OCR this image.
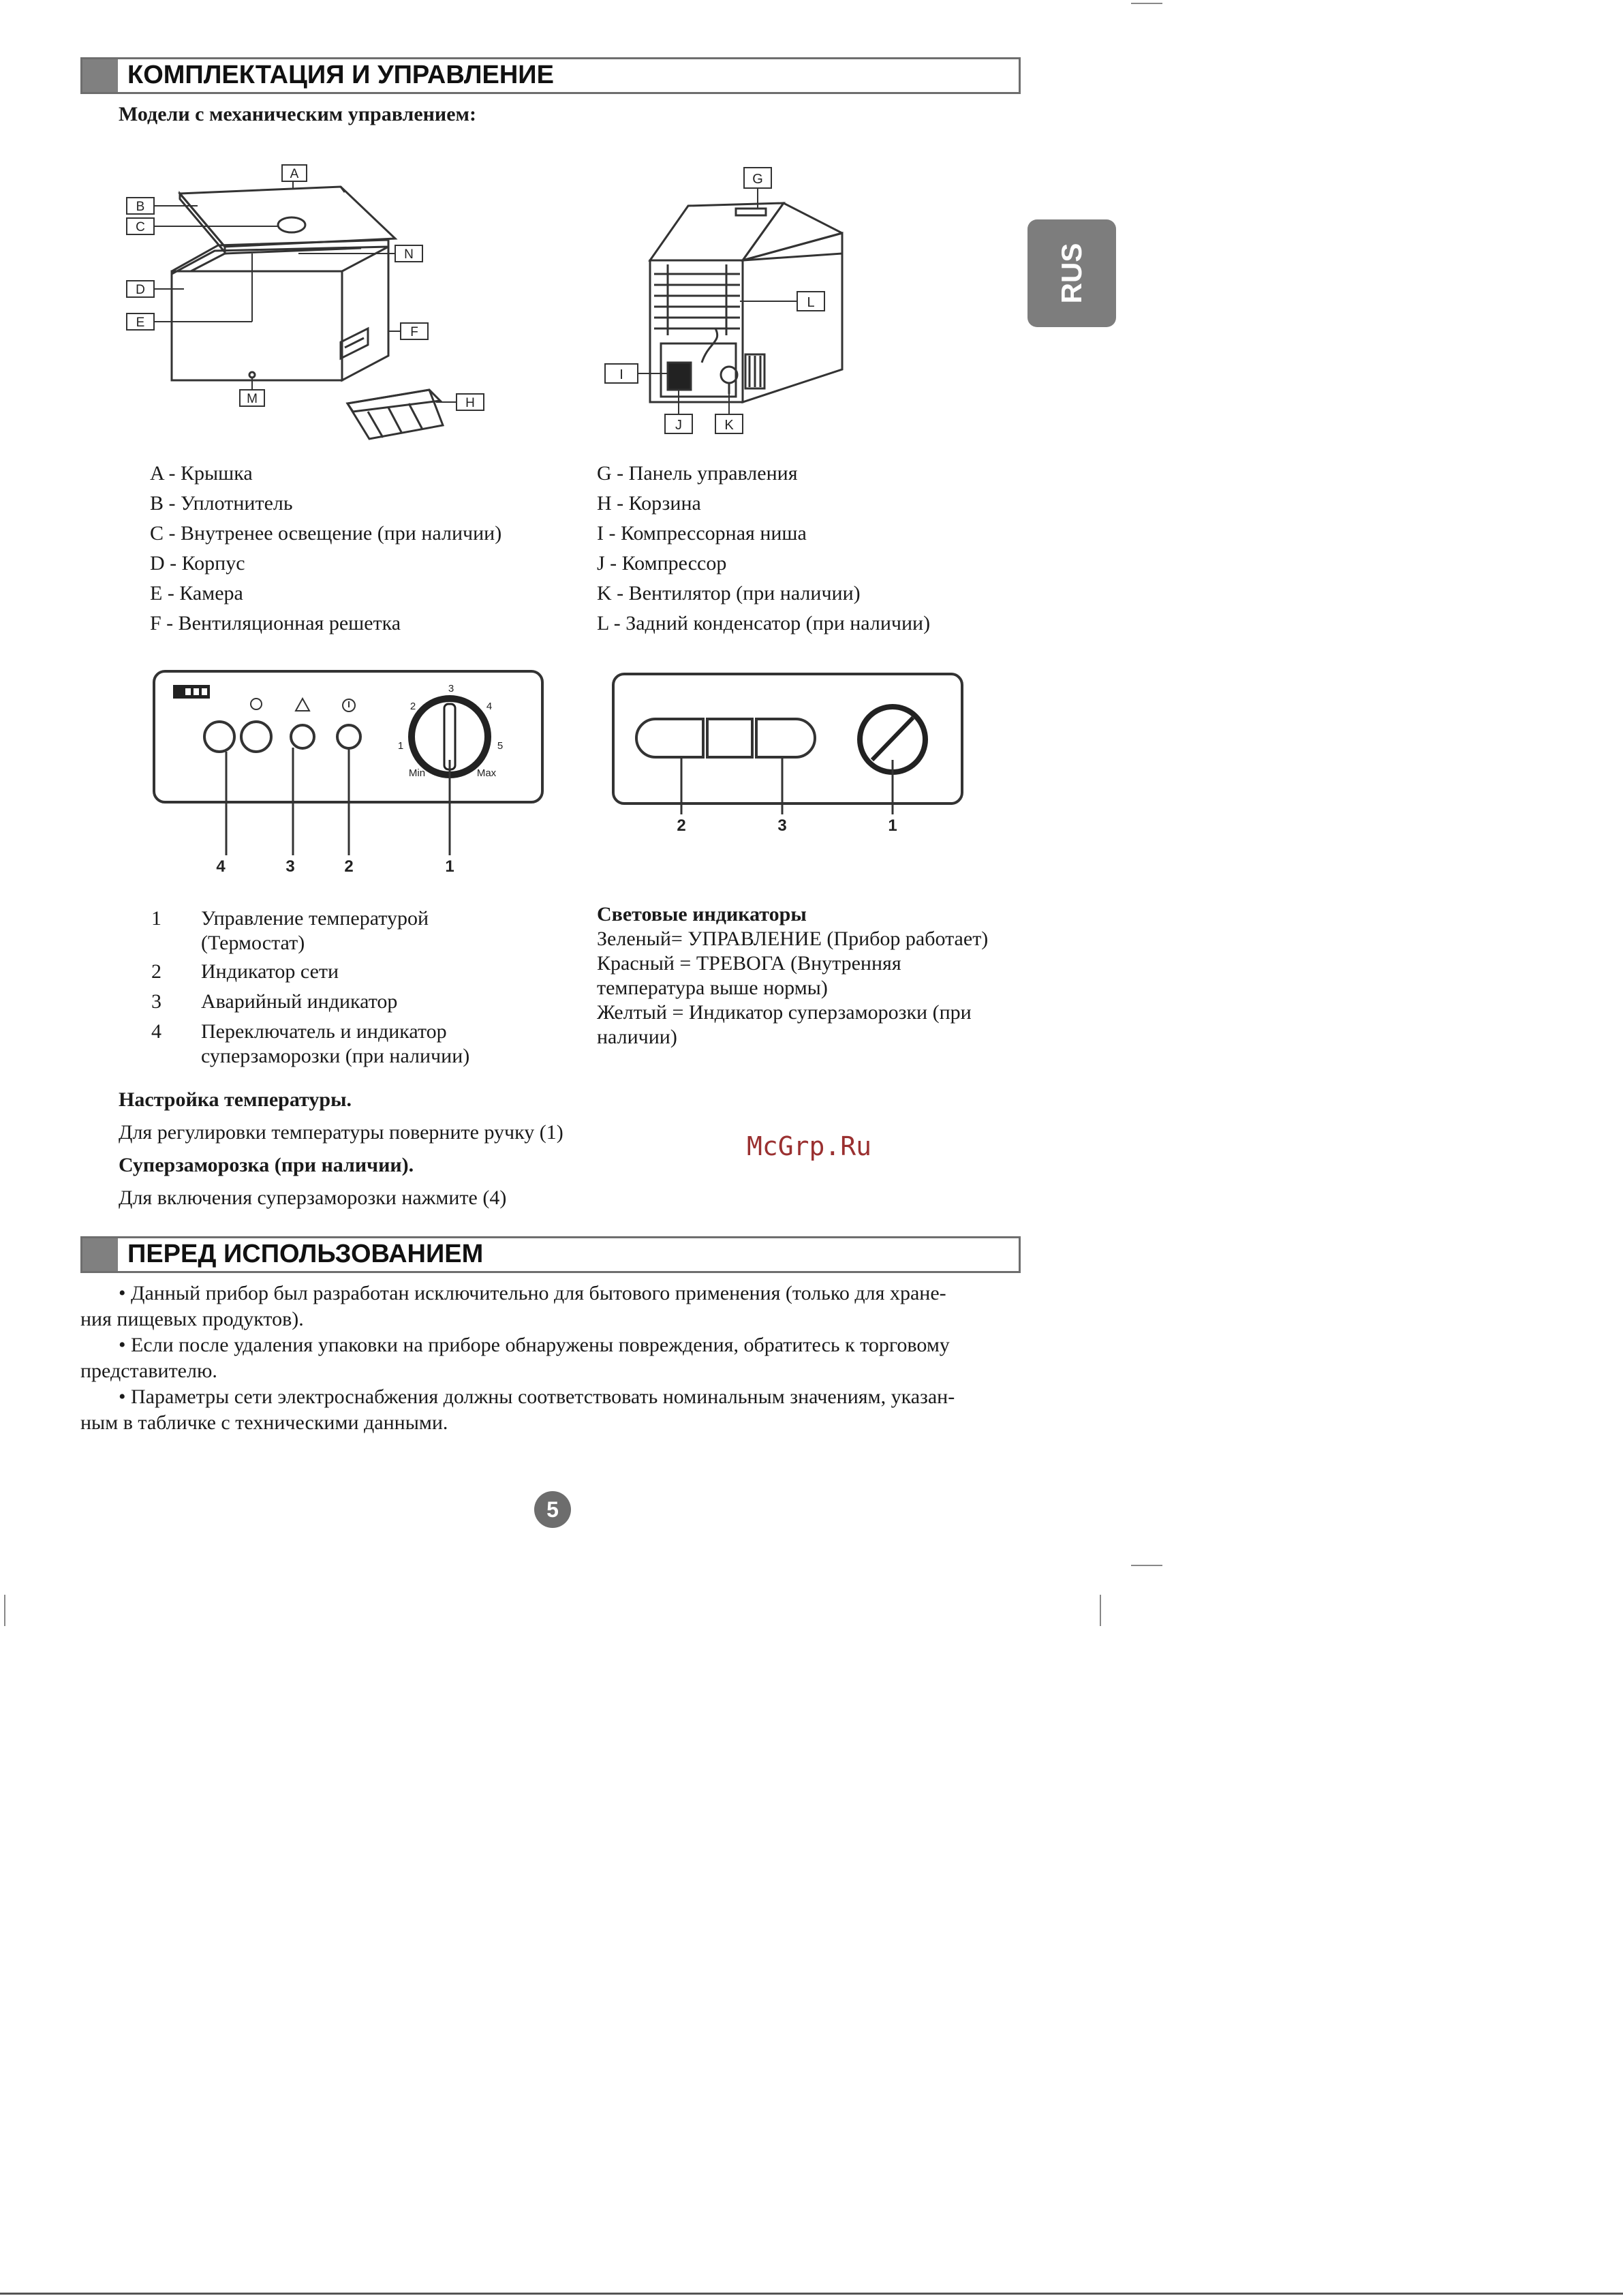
RUS
КОМПЛЕКТАЦИЯ И УПРАВЛЕНИЕ
Модели с механическим управлением:
A
B
C
D
E
F
M
N
H
G
L
I
J	K
A - Крышка
B - Уплотнитель
C - Внутренее освещение (при наличии)
D - Корпус
E - Камера
F - Вентиляционная решетка
G - Панель управления
H - Корзина
I - Компрессорная ниша
J - Компрессор
K - Вентилятор (при наличии)
L - Задний конденсатор (при наличии)
1
2
3
4
5
Min	Max
4	3	2	1
2	3	1
1 Управление температурой
(Термостат)
2 Индикатор сети
3 Аварийный индикатор
4 Переключатель и индикатор
суперзаморозки (при наличии)
Световые индикаторы
Зеленый= УПРАВЛЕНИЕ (Прибор работает)
Красный = ТРЕВОГА (Внутренняя
температура выше нормы)
Желтый = Индикатор суперзаморозки (при
наличии)
Настройка температуры.
Для регулировки температуры поверните ручку (1)
Суперзаморозка (при наличии).
Для включения суперзаморозки нажмите (4)
McGrp.Ru
ПЕРЕД ИСПОЛЬЗОВАНИЕМ
• Данный прибор был разработан исключительно для бытового применения (только для хране-
ния пищевых продуктов).
• Если после удаления упаковки на приборе обнаружены повреждения, обратитесь к торговому
представителю.
• Параметры сети электроснабжения должны соответствовать номинальным значениям, указан-
ным в табличке с техническими данными.
5
